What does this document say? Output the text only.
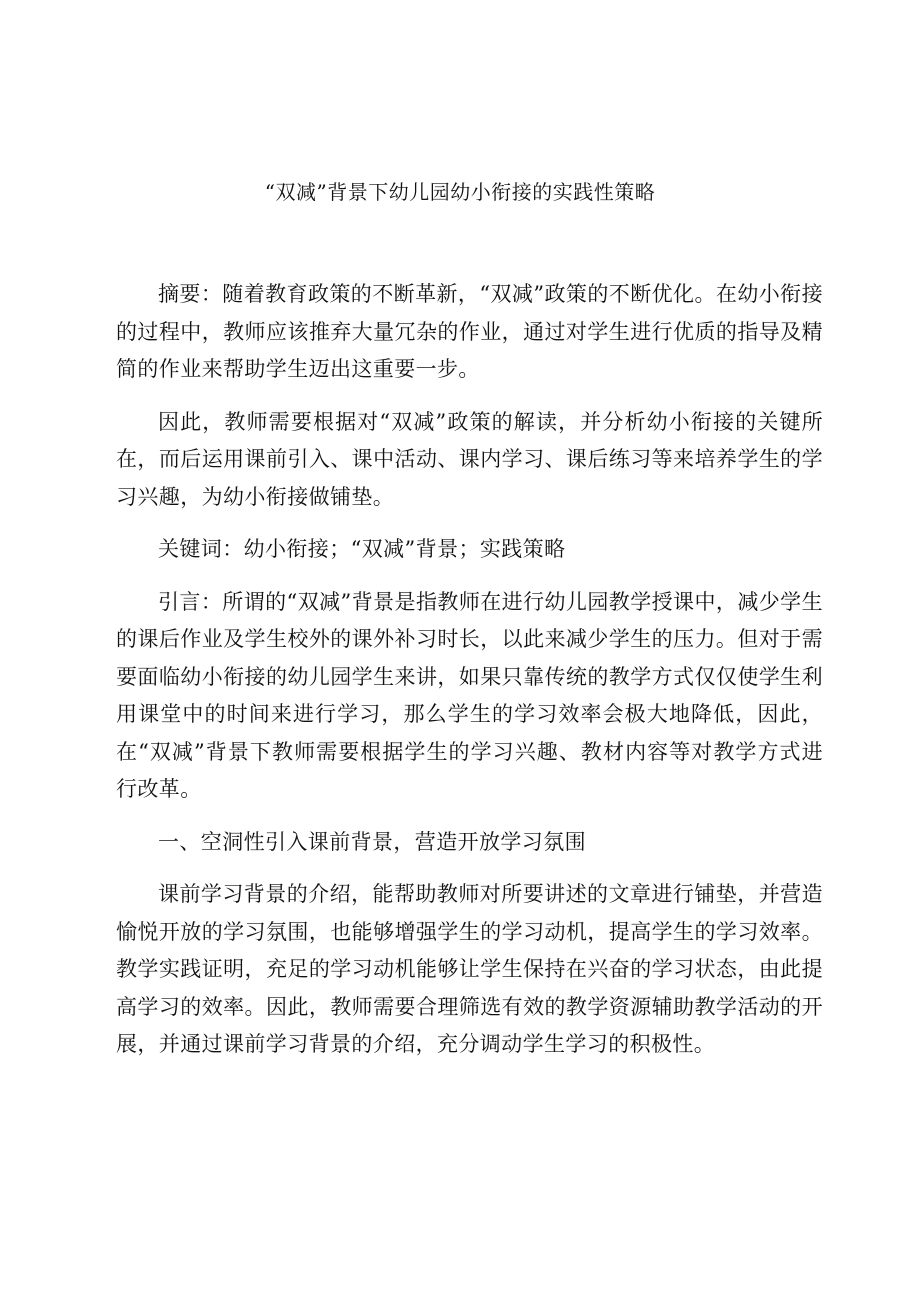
“双减”背景下幼儿园幼小衔接的实践性策略

摘要：随着教育政策的不断革新，“双减”政策的不断优化。在幼小衔接的过程中，教师应该推弃大量冗杂的作业，通过对学生进行优质的指导及精简的作业来帮助学生迈出这重要一步。

因此，教师需要根据对“双减”政策的解读，并分析幼小衔接的关键所在，而后运用课前引入、课中活动、课内学习、课后练习等来培养学生的学习兴趣，为幼小衔接做铺垫。

关键词：幼小衔接；“双减”背景；实践策略

引言：所谓的“双减”背景是指教师在进行幼儿园教学授课中，减少学生的课后作业及学生校外的课外补习时长，以此来减少学生的压力。但对于需要面临幼小衔接的幼儿园学生来讲，如果只靠传统的教学方式仅仅使学生利用课堂中的时间来进行学习，那么学生的学习效率会极大地降低，因此，在“双减”背景下教师需要根据学生的学习兴趣、教材内容等对教学方式进行改革。

一、空洞性引入课前背景，营造开放学习氛围

课前学习背景的介绍，能帮助教师对所要讲述的文章进行铺垫，并营造愉悦开放的学习氛围，也能够增强学生的学习动机，提高学生的学习效率。教学实践证明，充足的学习动机能够让学生保持在兴奋的学习状态，由此提高学习的效率。因此，教师需要合理筛选有效的教学资源辅助教学活动的开展，并通过课前学习背景的介绍，充分调动学生学习的积极性。
